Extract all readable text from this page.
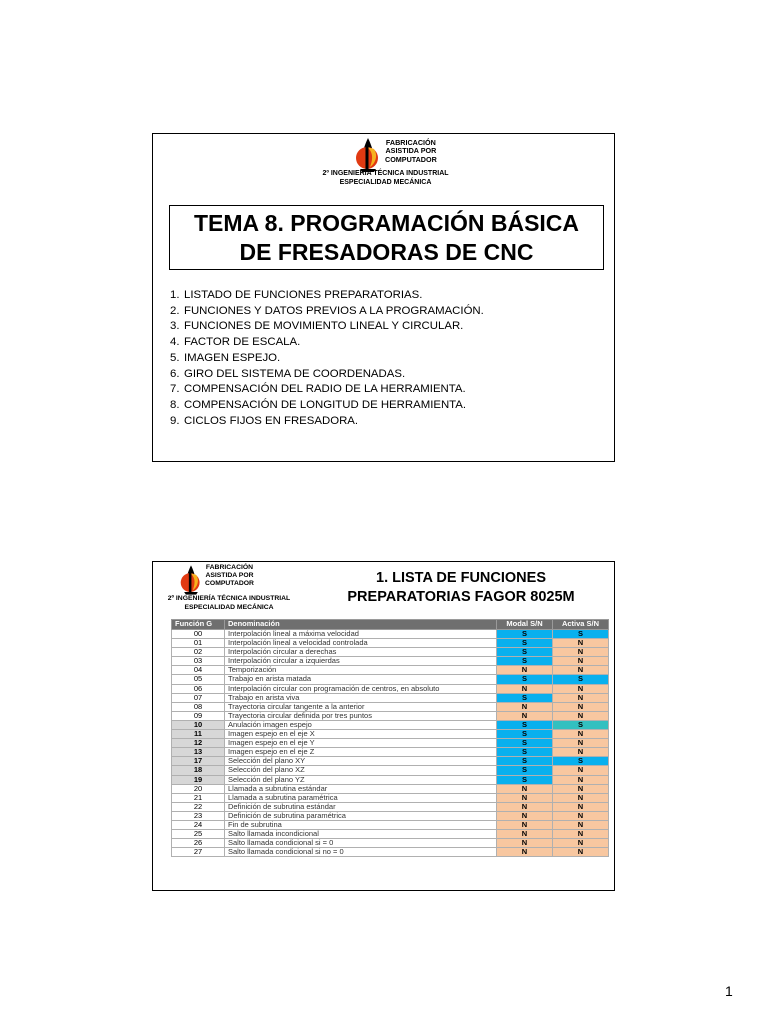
FABRICACIÓN
ASISTIDA POR
COMPUTADOR
2º INGENIERÍA TÉCNICA INDUSTRIAL
ESPECIALIDAD MECÁNICA
TEMA 8. PROGRAMACIÓN BÁSICA
DE FRESADORAS DE CNC
1. LISTADO DE FUNCIONES PREPARATORIAS.
2. FUNCIONES Y DATOS PREVIOS A LA PROGRAMACIÓN.
3. FUNCIONES DE MOVIMIENTO LINEAL Y CIRCULAR.
4. FACTOR DE ESCALA.
5. IMAGEN ESPEJO.
6. GIRO DEL SISTEMA DE COORDENADAS.
7. COMPENSACIÓN DEL RADIO DE LA HERRAMIENTA.
8. COMPENSACIÓN DE LONGITUD DE HERRAMIENTA.
9. CICLOS FIJOS EN FRESADORA.
FABRICACIÓN
ASISTIDA POR
COMPUTADOR
2º INGENIERÍA TÉCNICA INDUSTRIAL
ESPECIALIDAD MECÁNICA
1. LISTA DE FUNCIONES
PREPARATORIAS FAGOR 8025M
Función G	Denominación	Modal S/N	Activa S/N
00	Interpolación lineal a máxima velocidad	S	S
01	Interpolación lineal a velocidad controlada	S	N
02	Interpolación circular a derechas	S	N
03	Interpolación circular a izquierdas	S	N
04	Temporización	N	N
05	Trabajo en arista matada	S	S
06	Interpolación circular con programación de centros, en absoluto	N	N
07	Trabajo en arista viva	S	N
08	Trayectoria circular tangente a la anterior	N	N
09	Trayectoria circular definida por tres puntos	N	N
10	Anulación imagen espejo	S	S
11	Imagen espejo en el eje X	S	N
12	Imagen espejo en el eje Y	S	N
13	Imagen espejo en el eje Z	S	N
17	Selección del plano XY	S	S
18	Selección del plano XZ	S	N
19	Selección del plano YZ	S	N
20	Llamada a subrutina estándar	N	N
21	Llamada a subrutina paramétrica	N	N
22	Definición de subrutina estándar	N	N
23	Definición de subrutina paramétrica	N	N
24	Fin de subrutina	N	N
25	Salto llamada incondicional	N	N
26	Salto llamada condicional si = 0	N	N
27	Salto llamada condicional si no = 0	N	N
1
